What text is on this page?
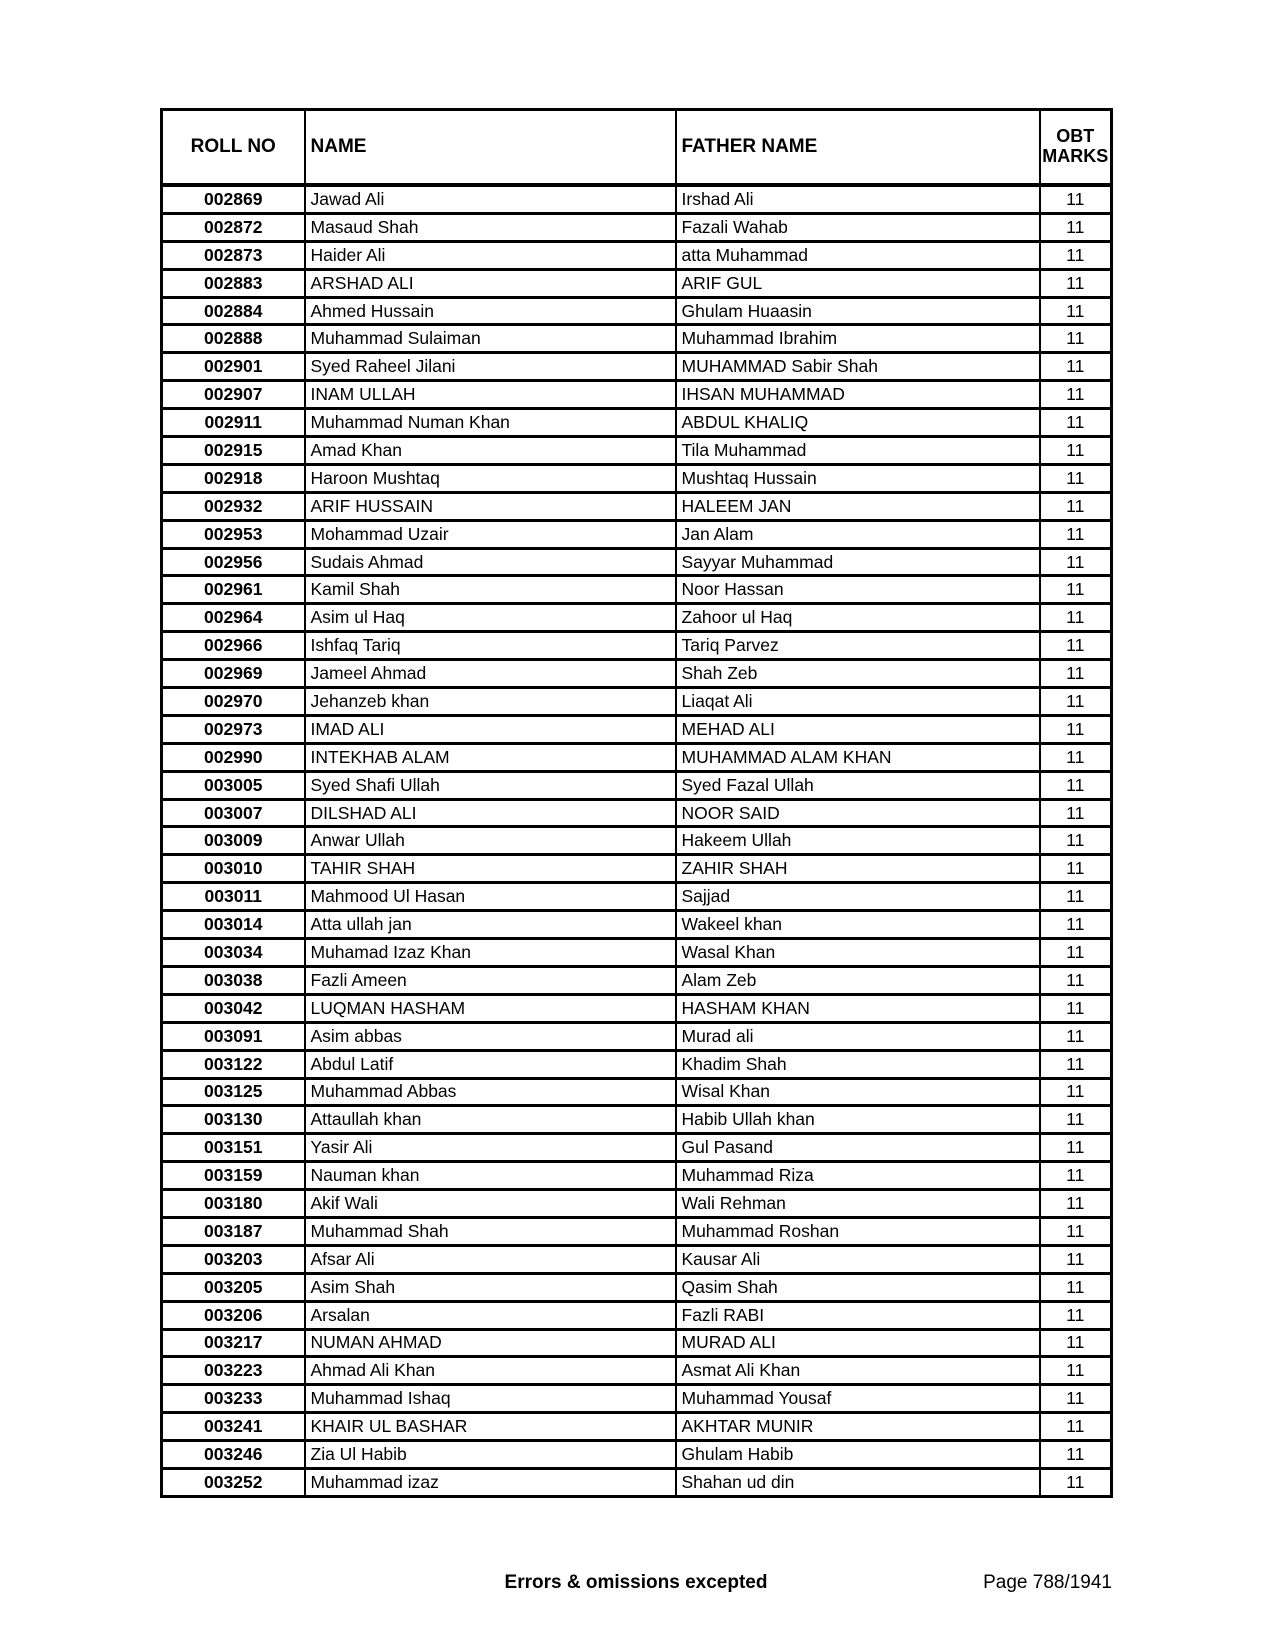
ROLL NO	NAME	FATHER NAME	OBT MARKS
002869	Jawad Ali	Irshad Ali	11
002872	Masaud Shah	Fazali Wahab	11
002873	Haider Ali	atta Muhammad	11
002883	ARSHAD ALI	ARIF GUL	11
002884	Ahmed Hussain	Ghulam Huaasin	11
002888	Muhammad Sulaiman	Muhammad Ibrahim	11
002901	Syed Raheel Jilani	MUHAMMAD Sabir Shah	11
002907	INAM ULLAH	IHSAN MUHAMMAD	11
002911	Muhammad Numan Khan	ABDUL KHALIQ	11
002915	Amad Khan	Tila Muhammad	11
002918	Haroon Mushtaq	Mushtaq Hussain	11
002932	ARIF HUSSAIN	HALEEM JAN	11
002953	Mohammad Uzair	Jan Alam	11
002956	Sudais Ahmad	Sayyar Muhammad	11
002961	Kamil Shah	Noor Hassan	11
002964	Asim ul Haq	Zahoor ul Haq	11
002966	Ishfaq Tariq	Tariq Parvez	11
002969	Jameel Ahmad	Shah Zeb	11
002970	Jehanzeb khan	Liaqat Ali	11
002973	IMAD ALI	MEHAD ALI	11
002990	INTEKHAB ALAM	MUHAMMAD ALAM KHAN	11
003005	Syed Shafi Ullah	Syed Fazal Ullah	11
003007	DILSHAD ALI	NOOR SAID	11
003009	Anwar Ullah	Hakeem Ullah	11
003010	TAHIR SHAH	ZAHIR SHAH	11
003011	Mahmood Ul Hasan	Sajjad	11
003014	Atta ullah jan	Wakeel khan	11
003034	Muhamad Izaz Khan	Wasal Khan	11
003038	Fazli Ameen	Alam Zeb	11
003042	LUQMAN HASHAM	HASHAM KHAN	11
003091	Asim abbas	Murad ali	11
003122	Abdul Latif	Khadim Shah	11
003125	Muhammad Abbas	Wisal Khan	11
003130	Attaullah khan	Habib Ullah khan	11
003151	Yasir Ali	Gul Pasand	11
003159	Nauman khan	Muhammad Riza	11
003180	Akif Wali	Wali Rehman	11
003187	Muhammad Shah	Muhammad Roshan	11
003203	Afsar Ali	Kausar Ali	11
003205	Asim Shah	Qasim Shah	11
003206	Arsalan	Fazli RABI	11
003217	NUMAN AHMAD	MURAD ALI	11
003223	Ahmad Ali Khan	Asmat Ali Khan	11
003233	Muhammad Ishaq	Muhammad Yousaf	11
003241	KHAIR UL BASHAR	AKHTAR MUNIR	11
003246	Zia Ul Habib	Ghulam Habib	11
003252	Muhammad izaz	Shahan ud din	11
Errors & omissions excepted	Page 788/1941
